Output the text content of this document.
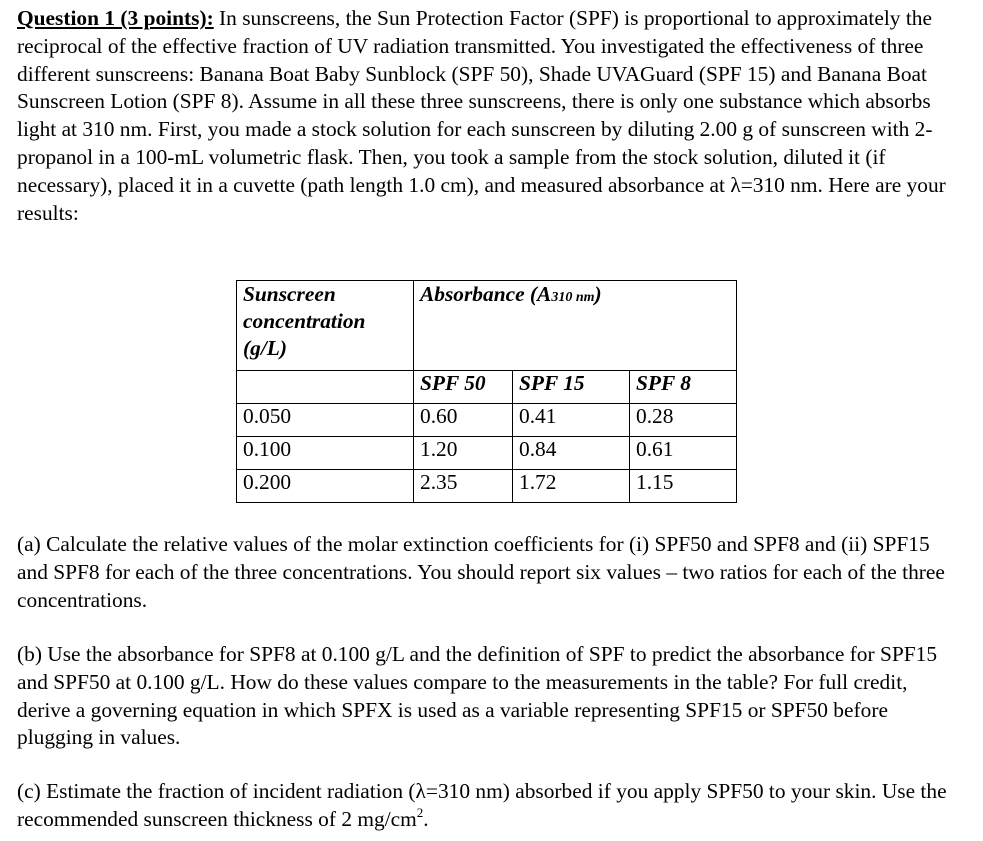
Question 1 (3 points): In sunscreens, the Sun Protection Factor (SPF) is proportional to approximately the reciprocal of the effective fraction of UV radiation transmitted. You investigated the effectiveness of three different sunscreens: Banana Boat Baby Sunblock (SPF 50), Shade UVAGuard (SPF 15) and Banana Boat Sunscreen Lotion (SPF 8). Assume in all these three sunscreens, there is only one substance which absorbs light at 310 nm. First, you made a stock solution for each sunscreen by diluting 2.00 g of sunscreen with 2-propanol in a 100-mL volumetric flask. Then, you took a sample from the stock solution, diluted it (if necessary), placed it in a cuvette (path length 1.0 cm), and measured absorbance at λ=310 nm. Here are your results:

Sunscreen
concentration
(g/L)	Absorbance (A310 nm)		
	SPF 50	SPF 15	SPF 8
0.050	0.60	0.41	0.28
0.100	1.20	0.84	0.61
0.200	2.35	1.72	1.15

(a) Calculate the relative values of the molar extinction coefficients for (i) SPF50 and SPF8 and (ii) SPF15 and SPF8 for each of the three concentrations. You should report six values – two ratios for each of the three concentrations.

(b) Use the absorbance for SPF8 at 0.100 g/L and the definition of SPF to predict the absorbance for SPF15 and SPF50 at 0.100 g/L. How do these values compare to the measurements in the table? For full credit, derive a governing equation in which SPFX is used as a variable representing SPF15 or SPF50 before plugging in values.

(c) Estimate the fraction of incident radiation (λ=310 nm) absorbed if you apply SPF50 to your skin. Use the recommended sunscreen thickness of 2 $mg/cm^2$.
